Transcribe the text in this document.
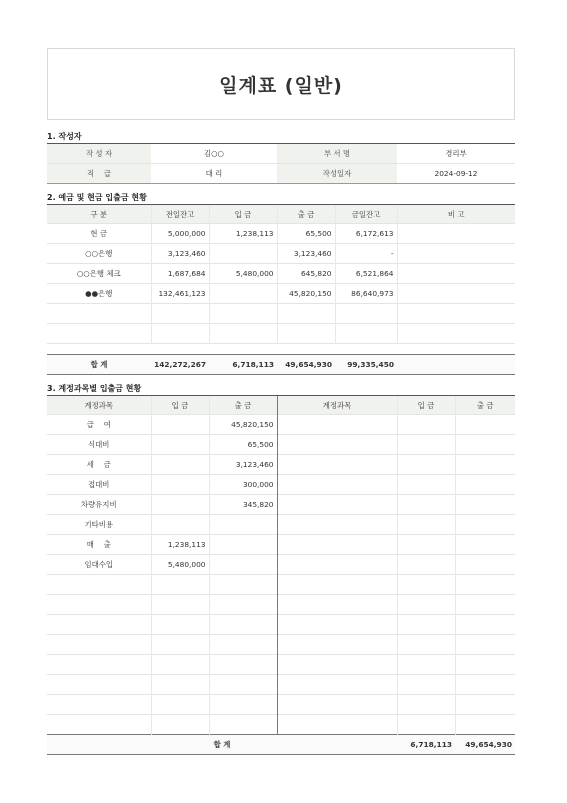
일계표 (일반)
1. 작성자
작 성 자	김○○	부 서 명	경리부
직　 급	대 리	작성일자	2024-09-12
2. 예금 및 현금 입출금 현황
구 분	전일잔고	입 금	출 금	금일잔고	비 고
현 금	5,000,000	1,238,113	65,500	6,172,613	
○○은행	3,123,460		3,123,460	-	
○○은행 체크	1,687,684	5,480,000	645,820	6,521,864	
●●은행	132,461,123		45,820,150	86,640,973	

합 계	142,272,267	6,718,113	49,654,930	99,335,450	
3. 계정과목별 입출금 현황
계정과목	입 금	출 금	계정과목	입 금	출 금
급　 여		45,820,150			
식대비		65,500			
세　 금		3,123,460			
접대비		300,000			
차량유지비		345,820			
기타비용					
매　 출	1,238,113				
임대수입	5,480,000				

합 계				6,718,113	49,654,930
